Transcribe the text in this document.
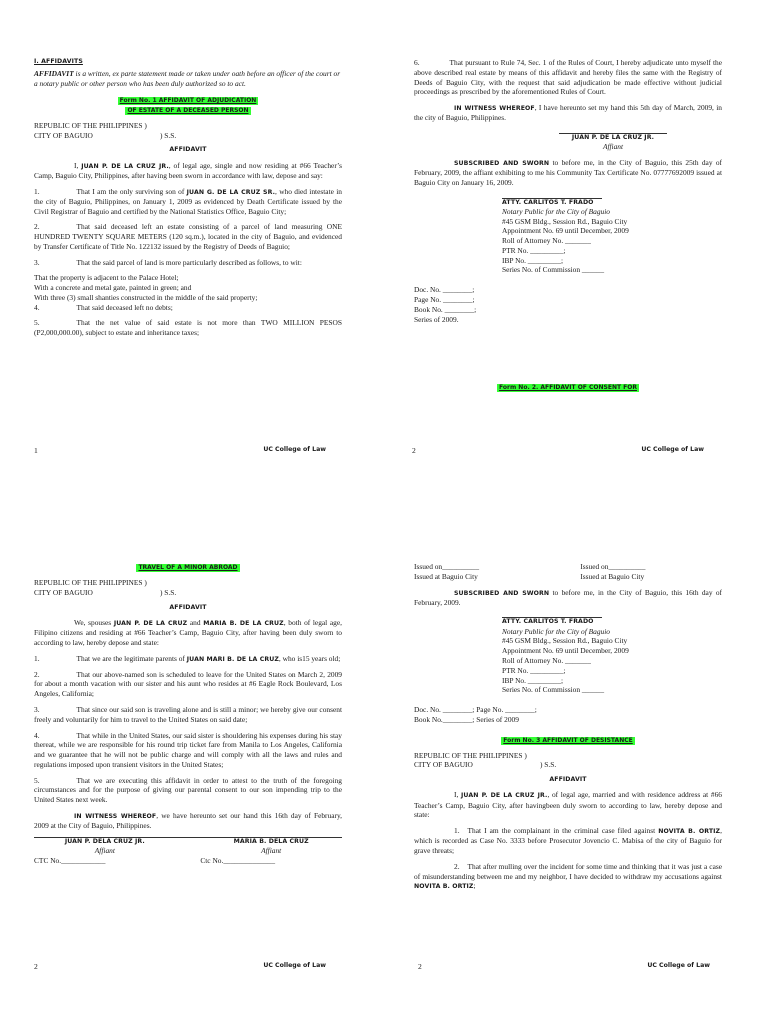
I. AFFIDAVITS
AFFIDAVIT is a written, ex parte statement made or taken under oath before an officer of the court or a notary public or other person who has been duly authorized so to act.
Form No. 1 AFFIDAVIT OF ADJUDICATION
OF ESTATE OF A DECEASED PERSON
REPUBLIC OF THE PHILIPPINES )
CITY OF BAGUIO	) S.S.
AFFIDAVIT
I, JUAN P. DE LA CRUZ JR., of legal age, single and now residing at #66 Teacher’s Camp, Baguio City, Philippines, after having been sworn in accordance with law, depose and say:
1.	That I am the only surviving son of JUAN G. DE LA CRUZ SR., who died intestate in the city of Baguio, Philippines, on January 1, 2009 as evidenced by Death Certificate issued by the Civil Registrar of Baguio and certified by the National Statistics Office, Baguio City;
2.	That said deceased left an estate consisting of a parcel of land measuring ONE HUNDRED TWENTY SQUARE METERS (120 sq.m.), located in the city of Baguio, and evidenced by Transfer Certificate of Title No. 122132 issued by the Registry of Deeds of Baguio;
3.	That the said parcel of land is more particularly described as follows, to wit:
That the property is adjacent to the Palace Hotel;
With a concrete and metal gate, painted in green; and
With three (3) small shanties constructed in the middle of the said property;
4.	That said deceased left no debts;
5.	That the net value of said estate is not more than TWO MILLION PESOS (P2,000,000.00), subject to estate and inheritance taxes;
1	UC College of Law
6.	That pursuant to Rule 74, Sec. 1 of the Rules of Court, I hereby adjudicate unto myself the above described real estate by means of this affidavit and hereby files the same with the Registry of Deeds of Baguio City, with the request that said adjudication be made effective without judicial proceedings as prescribed by the aforementioned Rules of Court.
IN WITNESS WHEREOF, I have hereunto set my hand this 5th day of March, 2009, in the city of Baguio, Philippines.
JUAN P. DE LA CRUZ JR.
Affiant
SUBSCRIBED AND SWORN to before me, in the City of Baguio, this 25th day of February, 2009, the affiant exhibiting to me his Community Tax Certificate No. 07777692009 issued at Baguio City on January 16, 2009.
ATTY. CARLITOS T. FRADO
Notary Public for the City of Baguio
#45 GSM Bldg., Session Rd., Baguio City
Appointment No. 69 until December, 2009
Roll of Attorney No. _______
PTR No. _________;
IBP No. _________;
Series No. of Commission ______
Doc. No. ________;
Page No. ________;
Book No. ________;
Series of 2009.
Form No. 2. AFFIDAVIT OF CONSENT FOR
2	UC College of Law
TRAVEL OF A MINOR ABROAD
REPUBLIC OF THE PHILIPPINES )
CITY OF BAGUIO	) S.S.
AFFIDAVIT
We, spouses JUAN P. DE LA CRUZ and MARIA B. DE LA CRUZ, both of legal age, Filipino citizens and residing at #66 Teacher’s Camp, Baguio City, after having been duly sworn to according to law, hereby depose and state:
1.	That we are the legitimate parents of JUAN MARI B. DE LA CRUZ, who is15 years old;
2.	That our above-named son is scheduled to leave for the United States on March 2, 2009 for about a month vacation with our sister and his aunt who resides at #6 Eagle Rock Boulevard, Los Angeles, California;
3.	That since our said son is traveling alone and is still a minor; we hereby give our consent freely and voluntarily for him to travel to the United States on said date;
4.	That while in the United States, our said sister is shouldering his expenses during his stay thereat, while we are responsible for his round trip ticket fare from Manila to Los Angeles, California and we guarantee that he will not be public charge and will comply with all the laws and rules and regulations imposed upon transient visitors in the United States;
5.	That we are executing this affidavit in order to attest to the truth of the foregoing circumstances and for the purpose of giving our parental consent to our son impending trip to the United States next week.
IN WITNESS WHEREOF, we have hereunto set our hand this 16th day of February, 2009 at the City of Baguio, Philippines.
JUAN P. DELA CRUZ JR.
Affiant
MARIA B. DELA CRUZ
Affiant
CTC No.____________	Ctc No.______________
2	UC College of Law
Issued on__________	Issued on__________
Issued at Baguio City	Issued at Baguio City
SUBSCRIBED AND SWORN to before me, in the City of Baguio, this 16th day of February, 2009.
ATTY. CARLITOS T. FRADO
Notary Public for the City of Baguio
#45 GSM Bldg., Session Rd., Baguio City
Appointment No. 69 until December, 2009
Roll of Attorney No. _______
PTR No. _________;
IBP No. _________;
Series No. of Commission ______
Doc. No. ________; Page No. ________;
Book No.________; Series of 2009
Form No. 3 AFFIDAVIT OF DESISTANCE
REPUBLIC OF THE PHILIPPINES )
CITY OF BAGUIO	) S.S.
AFFIDAVIT
I, JUAN P. DE LA CRUZ JR., of legal age, married and with residence address at #66 Teacher’s Camp, Baguio City, after havingbeen duly sworn to according to law, hereby depose and state:
1. That I am the complainant in the criminal case filed against NOVITA B. ORTIZ, which is recorded as Case No. 3333 before Prosecutor Jovencio C. Mabisa of the city of Baguio for grave threats;
2. That after mulling over the incident for some time and thinking that it was just a case of misunderstanding between me and my neighbor, I have decided to withdraw my accusations against NOVITA B. ORTIZ;
2	UC College of Law
